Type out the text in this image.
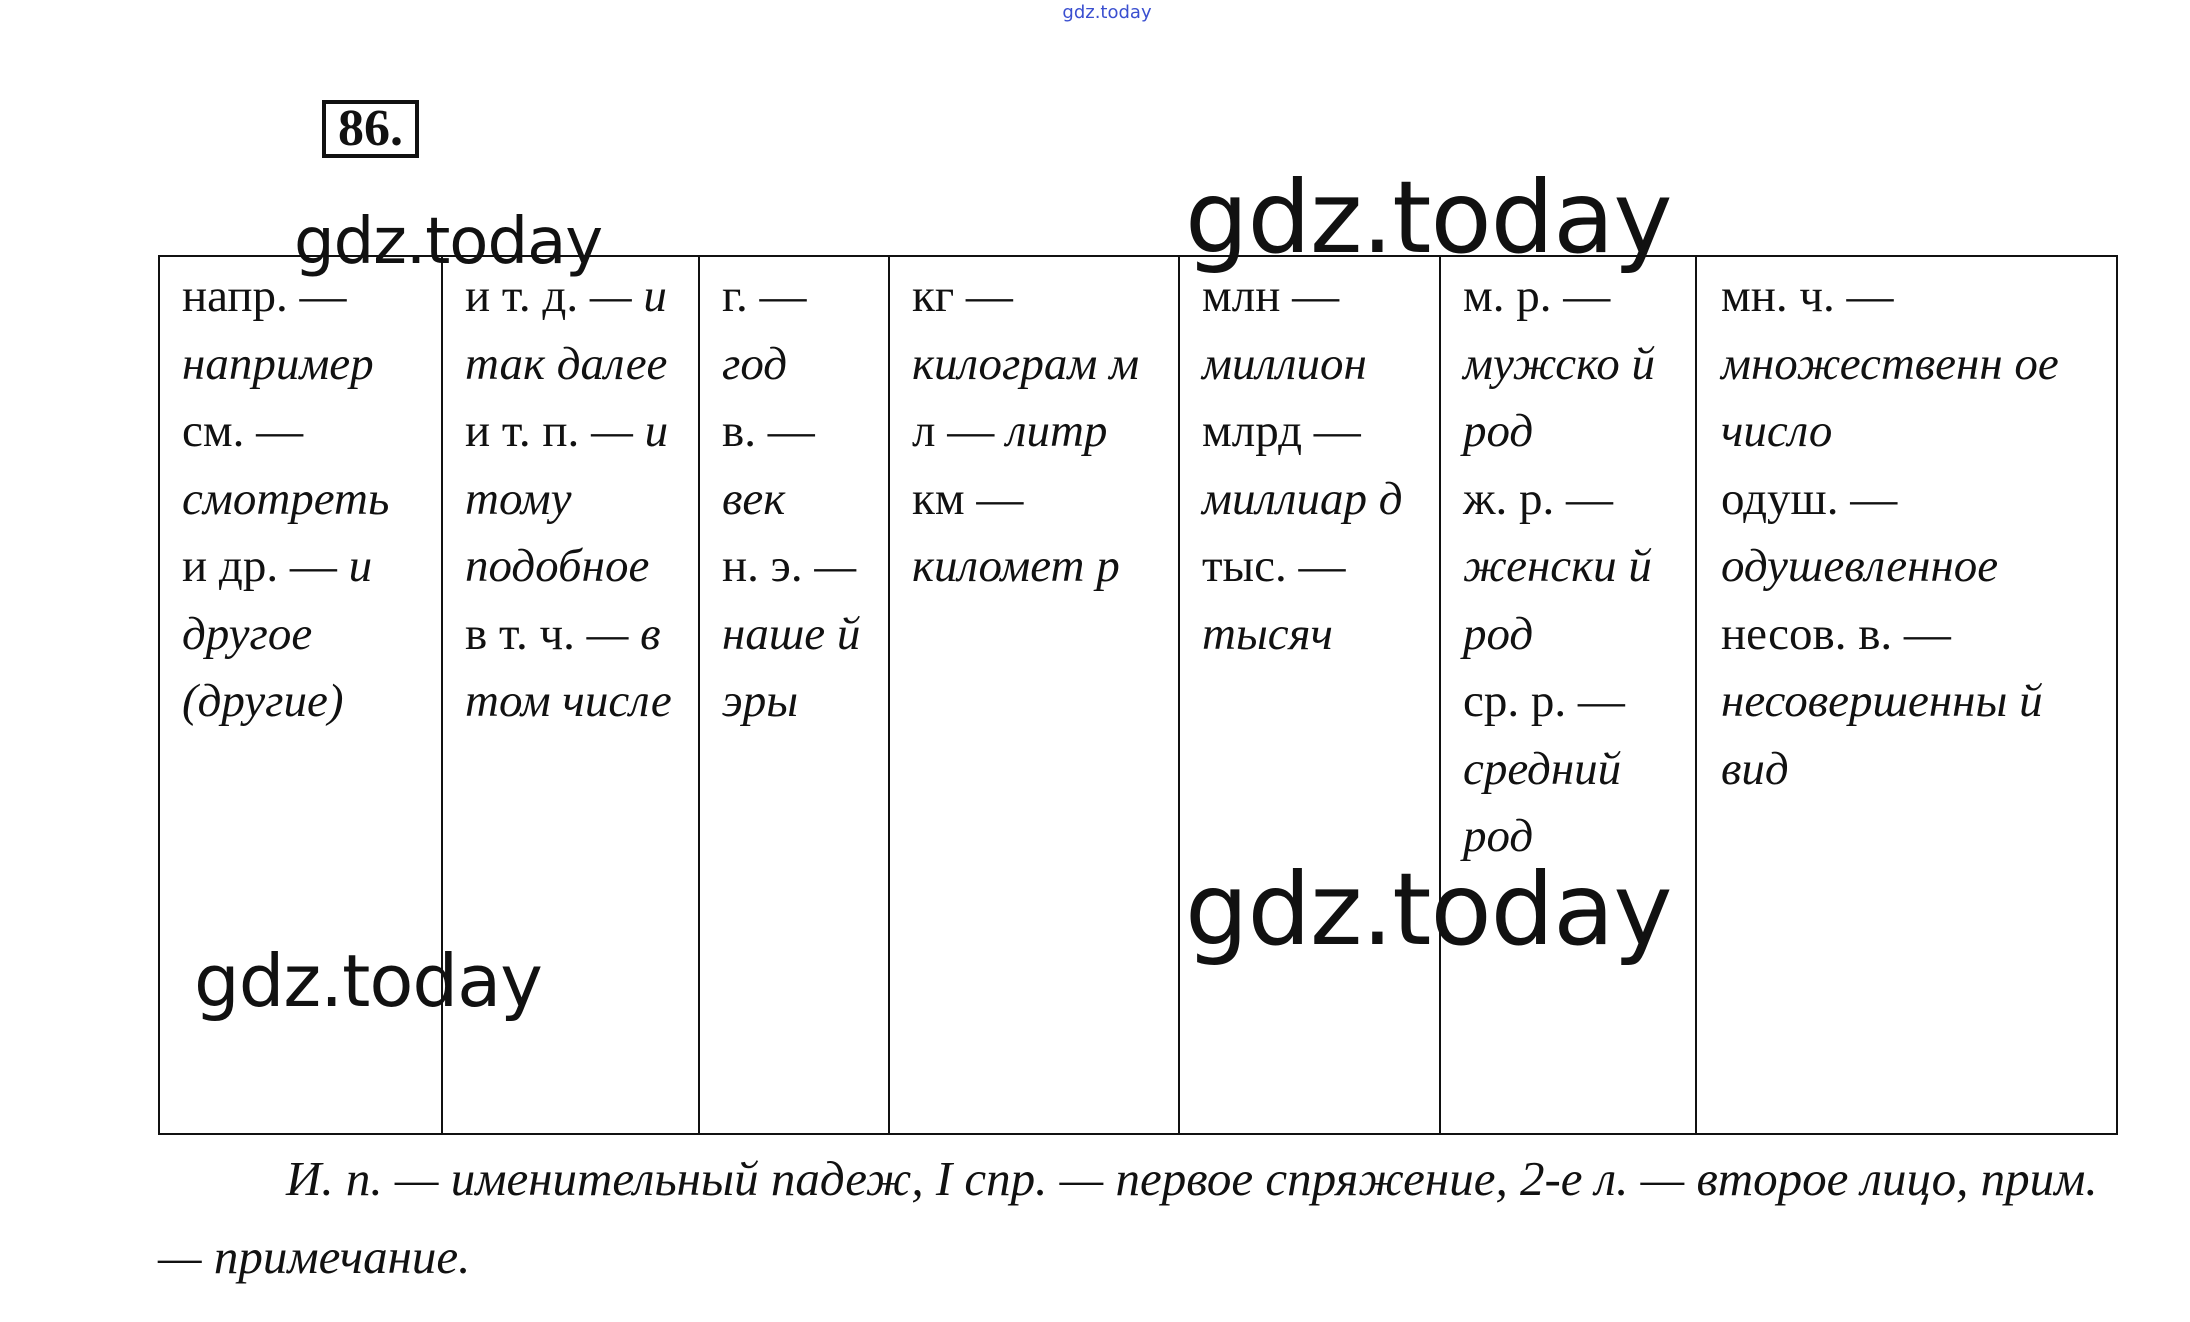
gdz.today
86.
напр. — например
см. — смотреть
и др. — и другое (другие)
и т. д. — и так далее
и т. п. — и тому подобное
в т. ч. — в том числе
г. — год
в. — век
н. э. — наше й эры
кг — килограм м
л — литр
км — километ р
млн — миллион
млрд — миллиар д
тыс. — тысяч
м. р. — мужско й род
ж. р. — женски й род
ср. р. — средний род
мн. ч. — множественн ое число
одуш. — одушевленное
несов. в. — несовершенны й вид
И. п. — именительный падеж, I спр. — первое спряжение, 2-е л. — второе лицо, прим. — примечание.
gdz.today	gdz.today
gdz.today
gdz.today
